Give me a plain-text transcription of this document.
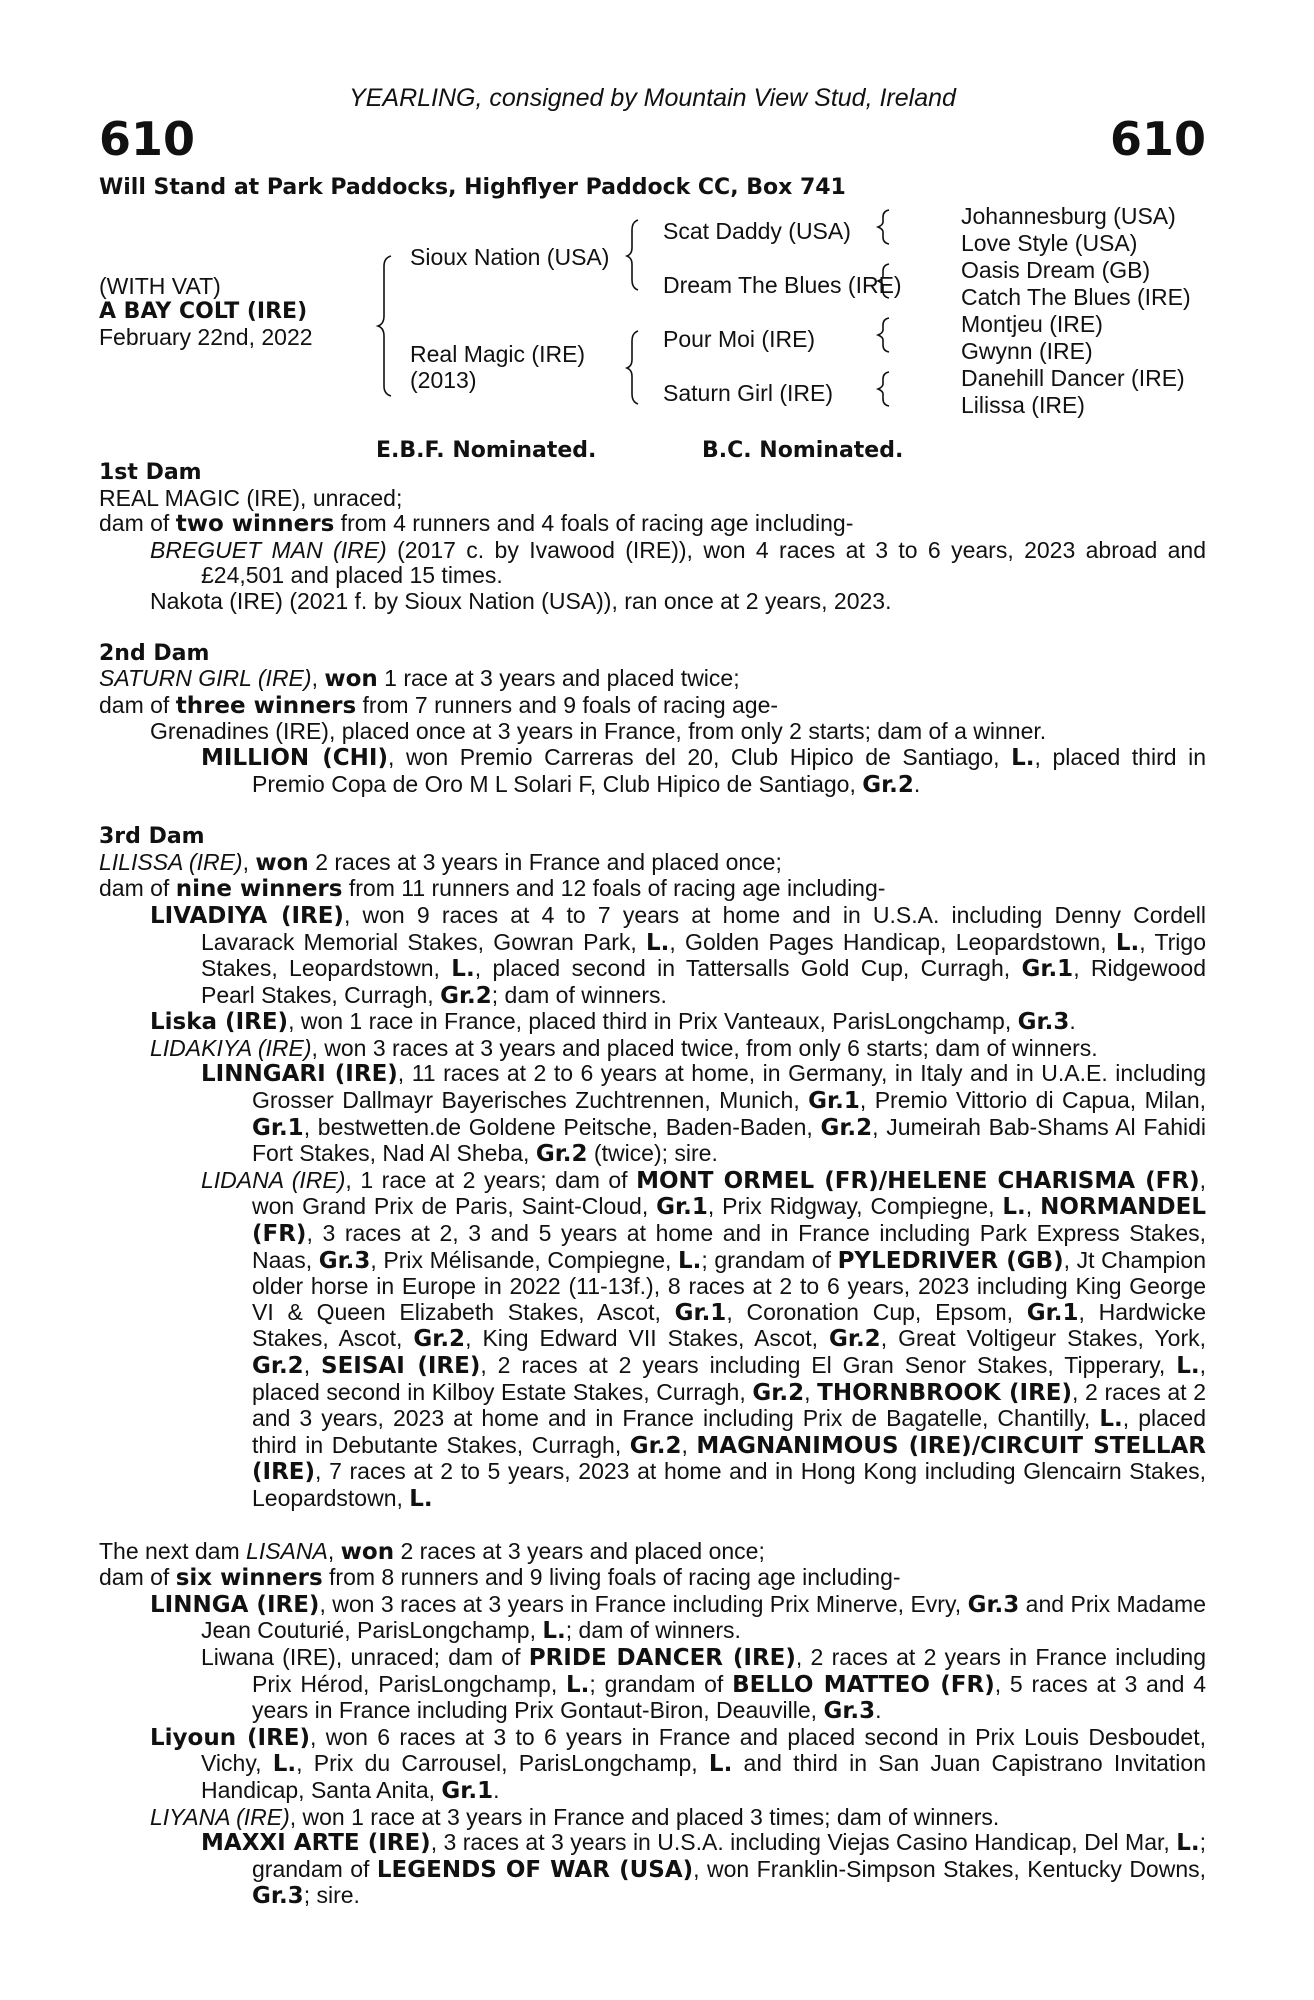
YEARLING, consigned by Mountain View Stud, Ireland
610	610
Will Stand at Park Paddocks, Highflyer Paddock CC, Box 741
(WITH VAT)
A BAY COLT (IRE)
February 22nd, 2022
Sioux Nation (USA)
Real Magic (IRE)
(2013)
Scat Daddy (USA)
Dream The Blues (IRE)
Pour Moi (IRE)
Saturn Girl (IRE)
Johannesburg (USA)
Love Style (USA)
Oasis Dream (GB)
Catch The Blues (IRE)
Montjeu (IRE)
Gwynn (IRE)
Danehill Dancer (IRE)
Lilissa (IRE)
E.B.F. Nominated.	B.C. Nominated.
1st Dam
REAL MAGIC (IRE), unraced;
dam of two winners from 4 runners and 4 foals of racing age including-
BREGUET MAN (IRE) (2017 c. by Ivawood (IRE)), won 4 races at 3 to 6 years, 2023 abroad and £24,501 and placed 15 times.
Nakota (IRE) (2021 f. by Sioux Nation (USA)), ran once at 2 years, 2023.
2nd Dam
SATURN GIRL (IRE), won 1 race at 3 years and placed twice;
dam of three winners from 7 runners and 9 foals of racing age-
Grenadines (IRE), placed once at 3 years in France, from only 2 starts; dam of a winner.
MILLION (CHI), won Premio Carreras del 20, Club Hipico de Santiago, L., placed third in Premio Copa de Oro M L Solari F, Club Hipico de Santiago, Gr.2.
3rd Dam
LILISSA (IRE), won 2 races at 3 years in France and placed once;
dam of nine winners from 11 runners and 12 foals of racing age including-
LIVADIYA (IRE), won 9 races at 4 to 7 years at home and in U.S.A. including Denny Cordell Lavarack Memorial Stakes, Gowran Park, L., Golden Pages Handicap, Leopardstown, L., Trigo Stakes, Leopardstown, L., placed second in Tattersalls Gold Cup, Curragh, Gr.1, Ridgewood Pearl Stakes, Curragh, Gr.2; dam of winners.
Liska (IRE), won 1 race in France, placed third in Prix Vanteaux, ParisLongchamp, Gr.3.
LIDAKIYA (IRE), won 3 races at 3 years and placed twice, from only 6 starts; dam of winners.
LINNGARI (IRE), 11 races at 2 to 6 years at home, in Germany, in Italy and in U.A.E. including Grosser Dallmayr Bayerisches Zuchtrennen, Munich, Gr.1, Premio Vittorio di Capua, Milan, Gr.1, bestwetten.de Goldene Peitsche, Baden-Baden, Gr.2, Jumeirah Bab-Shams Al Fahidi Fort Stakes, Nad Al Sheba, Gr.2 (twice); sire.
LIDANA (IRE), 1 race at 2 years; dam of MONT ORMEL (FR)/HELENE CHARISMA (FR), won Grand Prix de Paris, Saint-Cloud, Gr.1, Prix Ridgway, Compiegne, L., NORMANDEL (FR), 3 races at 2, 3 and 5 years at home and in France including Park Express Stakes, Naas, Gr.3, Prix Mélisande, Compiegne, L.; grandam of PYLEDRIVER (GB), Jt Champion older horse in Europe in 2022 (11-13f.), 8 races at 2 to 6 years, 2023 including King George VI & Queen Elizabeth Stakes, Ascot, Gr.1, Coronation Cup, Epsom, Gr.1, Hardwicke Stakes, Ascot, Gr.2, King Edward VII Stakes, Ascot, Gr.2, Great Voltigeur Stakes, York, Gr.2, SEISAI (IRE), 2 races at 2 years including El Gran Senor Stakes, Tipperary, L., placed second in Kilboy Estate Stakes, Curragh, Gr.2, THORNBROOK (IRE), 2 races at 2 and 3 years, 2023 at home and in France including Prix de Bagatelle, Chantilly, L., placed third in Debutante Stakes, Curragh, Gr.2, MAGNANIMOUS (IRE)/CIRCUIT STELLAR (IRE), 7 races at 2 to 5 years, 2023 at home and in Hong Kong including Glencairn Stakes, Leopardstown, L.
The next dam LISANA, won 2 races at 3 years and placed once;
dam of six winners from 8 runners and 9 living foals of racing age including-
LINNGA (IRE), won 3 races at 3 years in France including Prix Minerve, Evry, Gr.3 and Prix Madame Jean Couturié, ParisLongchamp, L.; dam of winners.
Liwana (IRE), unraced; dam of PRIDE DANCER (IRE), 2 races at 2 years in France including Prix Hérod, ParisLongchamp, L.; grandam of BELLO MATTEO (FR), 5 races at 3 and 4 years in France including Prix Gontaut-Biron, Deauville, Gr.3.
Liyoun (IRE), won 6 races at 3 to 6 years in France and placed second in Prix Louis Desboudet, Vichy, L., Prix du Carrousel, ParisLongchamp, L. and third in San Juan Capistrano Invitation Handicap, Santa Anita, Gr.1.
LIYANA (IRE), won 1 race at 3 years in France and placed 3 times; dam of winners.
MAXXI ARTE (IRE), 3 races at 3 years in U.S.A. including Viejas Casino Handicap, Del Mar, L.; grandam of LEGENDS OF WAR (USA), won Franklin-Simpson Stakes, Kentucky Downs, Gr.3; sire.
